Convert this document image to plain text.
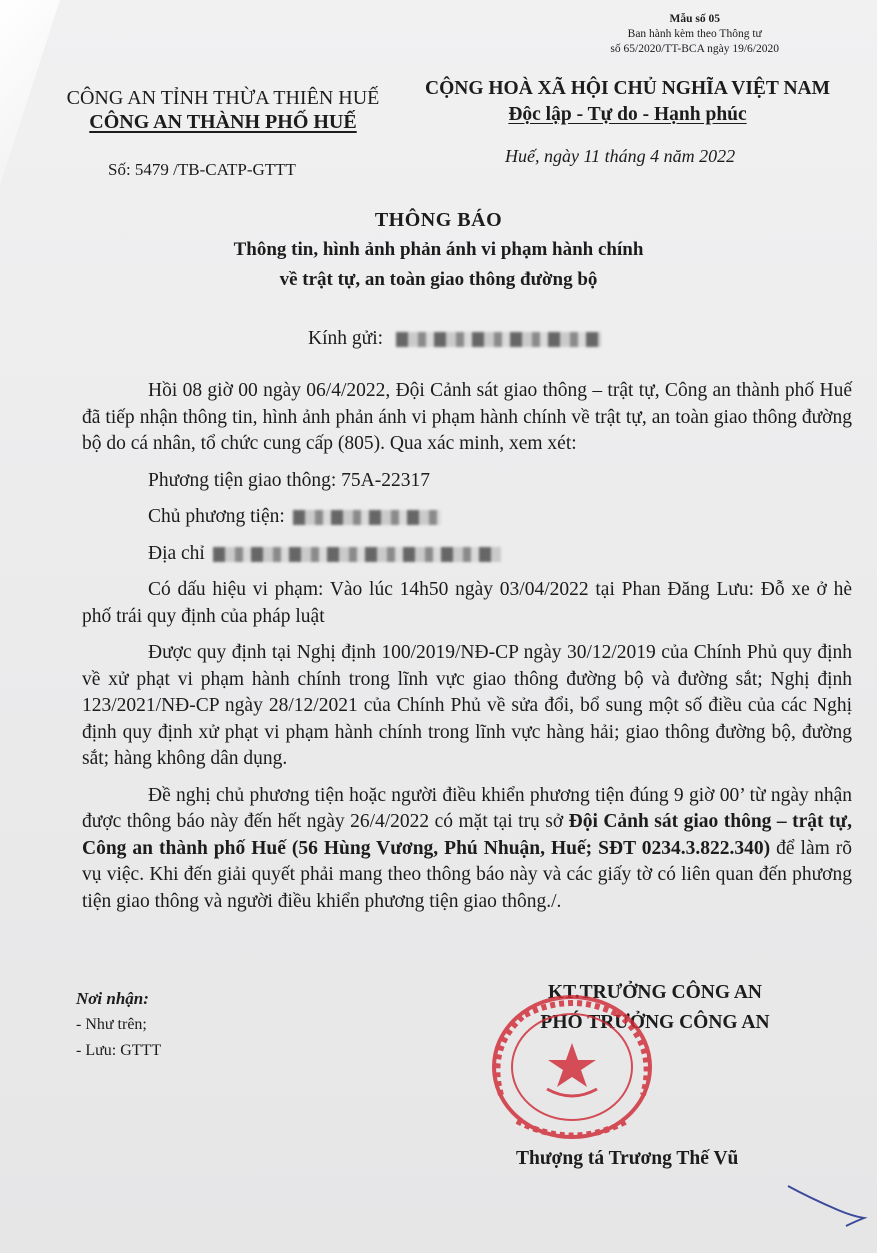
Mẫu số 05
Ban hành kèm theo Thông tư
số 65/2020/TT-BCA ngày 19/6/2020
CÔNG AN TỈNH THỪA THIÊN HUẾ
CÔNG AN THÀNH PHỐ HUẾ
CỘNG HOÀ XÃ HỘI CHỦ NGHĨA VIỆT NAM
Độc lập - Tự do - Hạnh phúc
Số: 5479 /TB-CATP-GTTT
Huế, ngày 11 tháng 4 năm 2022
THÔNG BÁO
Thông tin, hình ảnh phản ánh vi phạm hành chính
về trật tự, an toàn giao thông đường bộ
Kính gửi:

Hồi 08 giờ 00 ngày 06/4/2022, Đội Cảnh sát giao thông – trật tự, Công an thành phố Huế đã tiếp nhận thông tin, hình ảnh phản ánh vi phạm hành chính về trật tự, an toàn giao thông đường bộ do cá nhân, tổ chức cung cấp (805). Qua xác minh, xem xét:

Phương tiện giao thông: 75A-22317

Chủ phương tiện:

Địa chỉ

Có dấu hiệu vi phạm: Vào lúc 14h50 ngày 03/04/2022 tại Phan Đăng Lưu: Đỗ xe ở hè phố trái quy định của pháp luật

Được quy định tại Nghị định 100/2019/NĐ-CP ngày 30/12/2019 của Chính Phủ quy định về xử phạt vi phạm hành chính trong lĩnh vực giao thông đường bộ và đường sắt; Nghị định 123/2021/NĐ-CP ngày 28/12/2021 của Chính Phủ về sửa đổi, bổ sung một số điều của các Nghị định quy định xử phạt vi phạm hành chính trong lĩnh vực hàng hải; giao thông đường bộ, đường sắt; hàng không dân dụng.

Đề nghị chủ phương tiện hoặc người điều khiển phương tiện đúng 9 giờ 00’ từ ngày nhận được thông báo này đến hết ngày 26/4/2022 có mặt tại trụ sở Đội Cảnh sát giao thông – trật tự, Công an thành phố Huế (56 Hùng Vương, Phú Nhuận, Huế; SĐT 0234.3.822.340) để làm rõ vụ việc. Khi đến giải quyết phải mang theo thông báo này và các giấy tờ có liên quan đến phương tiện giao thông và người điều khiển phương tiện giao thông./.

Nơi nhận:
- Như trên;
- Lưu: GTTT
KT.TRƯỞNG CÔNG AN
PHÓ TRƯỞNG CÔNG AN
Thượng tá Trương Thế Vũ
